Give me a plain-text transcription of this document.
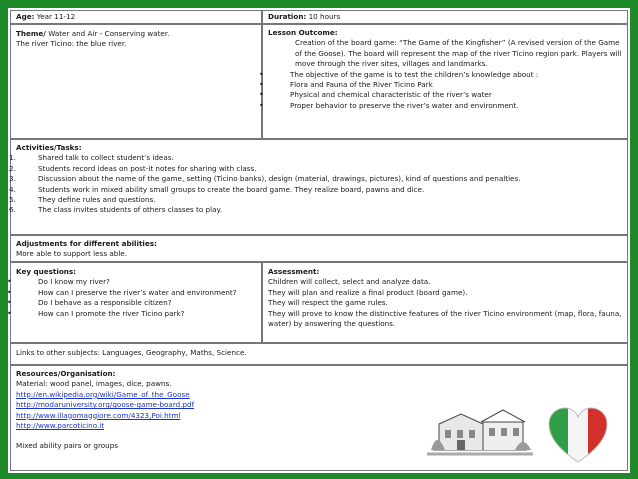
Age: Year 11-12	Duration: 10 hours
Theme/ Water and Air - Conserving water.
The river Ticino: the blue river.
Lesson Outcome:
Creation of the board game: “The Game of the Kingfisher” (A revised version of the Game of the Goose). The board will represent the map of the river Ticino region park. Players will move through the river sites, villages and landmarks.
• The objective of the game is to test the children’s knowledge about :
• Flora and Fauna of the River Ticino Park
• Physical and chemical characteristic of the river’s water
• Proper behavior to preserve the river’s water and environment.
Activities/Tasks:
1.	Shared talk to collect student’s ideas.
2.	Students record ideas on post-it notes for sharing with class.
3.	Discussion about the name of the game, setting (Ticino banks), design (material, drawings, pictures), kind of questions and penalties.
4.	Students work in mixed ability small groups to create the board game. They realize board, pawns and dice.
5.	They define rules and questions.
6.	The class invites students of others classes to play.
Adjustments for different abilities:
More able to support less able.
Key questions:
• Do I know my river?
• How can I preserve the river’s water and environment?
• Do I behave as a responsible citizen?
• How can I promote the river Ticino park?
Assessment:
Children will collect, select and analyze data.
They will plan and realize a final product (board game).
They will respect the game rules.
They will prove to know the distinctive features of the river Ticino environment (map, flora, fauna, water) by answering the questions.
Links to other subjects: Languages, Geography, Maths, Science.
Resources/Organisation:
Material: wood panel, images, dice, pawns.
http://en.wikipedia.org/wiki/Game_of_the_Goose
http://modaruniversity.org/goose-game-board.pdf
http://www.illagomaggiore.com/4323,Poi.html
http://www.parcoticino.it
Mixed ability pairs or groups
